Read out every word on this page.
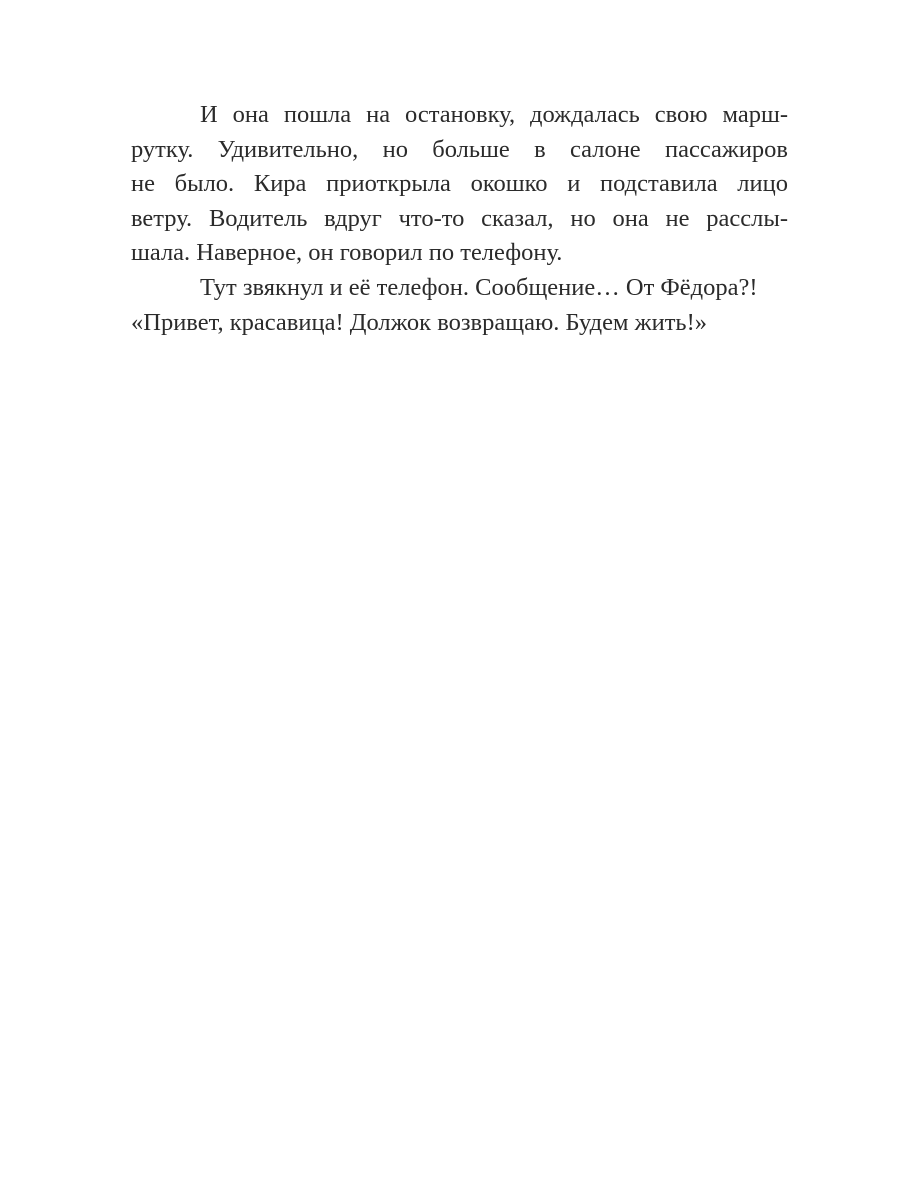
И она пошла на остановку, дождалась свою марш-
рутку. Удивительно, но больше в салоне пассажиров
не было. Кира приоткрыла окошко и подставила лицо
ветру. Водитель вдруг что-то сказал, но она не расслы-
шала. Наверное, он говорил по телефону.
Тут звякнул и её телефон. Сообщение… От Фёдора?!
«Привет, красавица! Должок возвращаю. Будем жить!»
